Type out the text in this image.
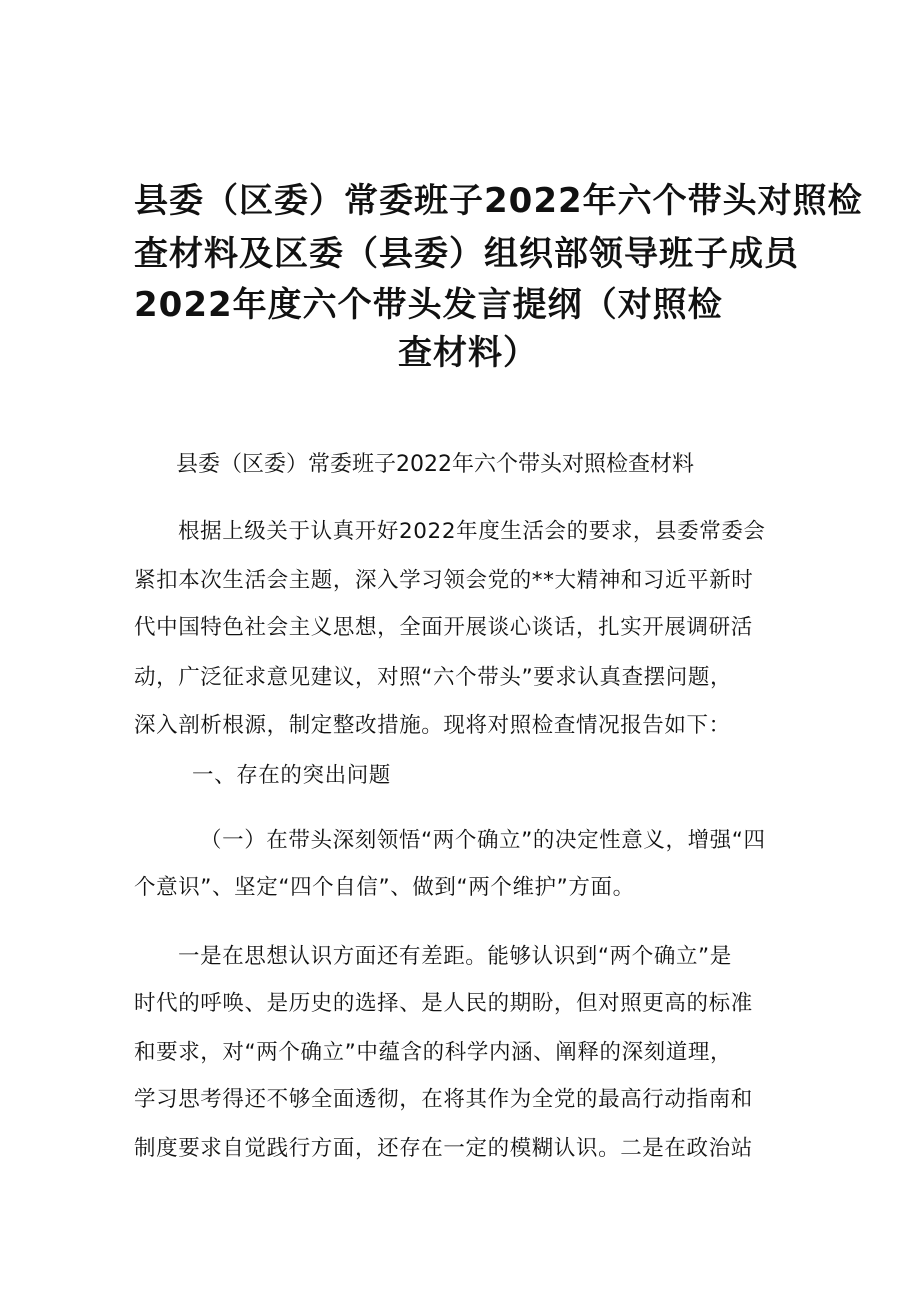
县委（区委）常委班子2022年六个带头对照检
查材料及区委（县委）组织部领导班子成员
2022年度六个带头发言提纲（对照检
查材料）
县委（区委）常委班子2022年六个带头对照检查材料
根据上级关于认真开好2022年度生活会的要求，县委常委会
紧扣本次生活会主题，深入学习领会党的**大精神和习近平新时
代中国特色社会主义思想，全面开展谈心谈话，扎实开展调研活
动，广泛征求意见建议，对照“六个带头”要求认真查摆问题，
深入剖析根源，制定整改措施。现将对照检查情况报告如下：
一、存在的突出问题
（一）在带头深刻领悟“两个确立”的决定性意义，增强“四
个意识”、坚定“四个自信”、做到“两个维护”方面。
一是在思想认识方面还有差距。能够认识到“两个确立”是
时代的呼唤、是历史的选择、是人民的期盼，但对照更高的标准
和要求，对“两个确立”中蕴含的科学内涵、阐释的深刻道理，
学习思考得还不够全面透彻，在将其作为全党的最高行动指南和
制度要求自觉践行方面，还存在一定的模糊认识。二是在政治站
